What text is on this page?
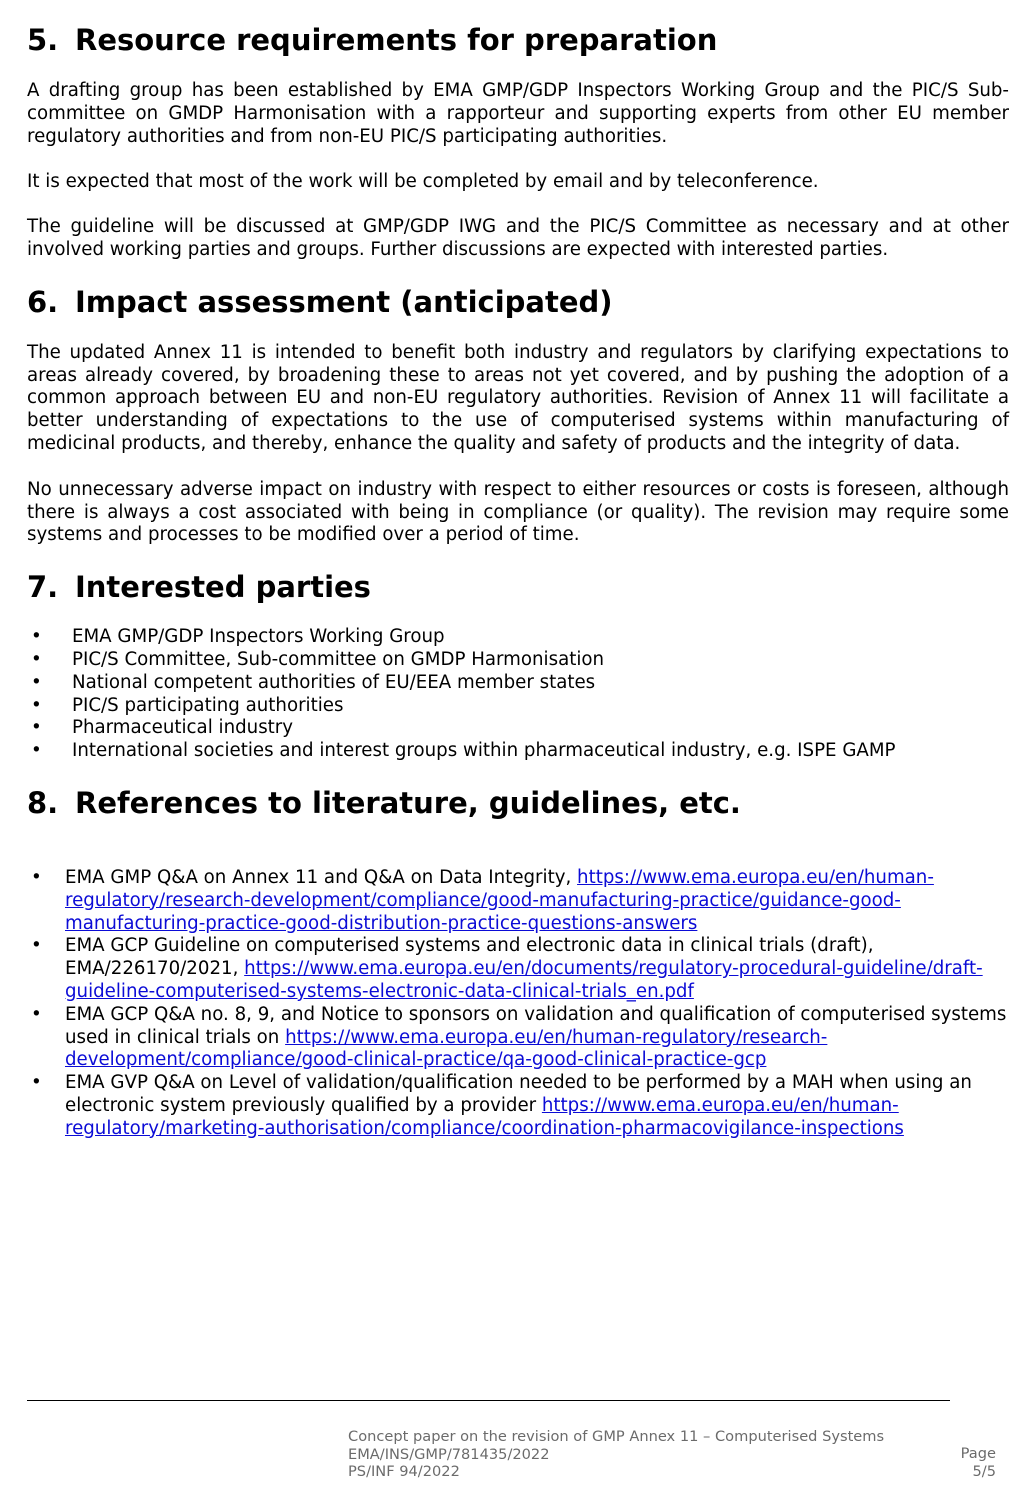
5. Resource requirements for preparation

A drafting group has been established by EMA GMP/GDP Inspectors Working Group and the PIC/S Sub-committee on GMDP Harmonisation with a rapporteur and supporting experts from other EU member regulatory authorities and from non-EU PIC/S participating authorities.

It is expected that most of the work will be completed by email and by teleconference.

The guideline will be discussed at GMP/GDP IWG and the PIC/S Committee as necessary and at other involved working parties and groups. Further discussions are expected with interested parties.

6. Impact assessment (anticipated)

The updated Annex 11 is intended to benefit both industry and regulators by clarifying expectations to areas already covered, by broadening these to areas not yet covered, and by pushing the adoption of a common approach between EU and non-EU regulatory authorities. Revision of Annex 11 will facilitate a better understanding of expectations to the use of computerised systems within manufacturing of medicinal products, and thereby, enhance the quality and safety of products and the integrity of data.

No unnecessary adverse impact on industry with respect to either resources or costs is foreseen, although there is always a cost associated with being in compliance (or quality). The revision may require some systems and processes to be modified over a period of time.

7. Interested parties
• EMA GMP/GDP Inspectors Working Group
• PIC/S Committee, Sub-committee on GMDP Harmonisation
• National competent authorities of EU/EEA member states
• PIC/S participating authorities
• Pharmaceutical industry
• International societies and interest groups within pharmaceutical industry, e.g. ISPE GAMP
8. References to literature, guidelines, etc.
• EMA GMP Q&A on Annex 11 and Q&A on Data Integrity, https://www.ema.europa.eu/en/human-regulatory/research-development/compliance/good-manufacturing-practice/guidance-good-manufacturing-practice-good-distribution-practice-questions-answers
• EMA GCP Guideline on computerised systems and electronic data in clinical trials (draft), EMA/226170/2021, https://www.ema.europa.eu/en/documents/regulatory-procedural-guideline/draft-guideline-computerised-systems-electronic-data-clinical-trials_en.pdf
• EMA GCP Q&A no. 8, 9, and Notice to sponsors on validation and qualification of computerised systems used in clinical trials on https://www.ema.europa.eu/en/human-regulatory/research-development/compliance/good-clinical-practice/qa-good-clinical-practice-gcp
• EMA GVP Q&A on Level of validation/qualification needed to be performed by a MAH when using an electronic system previously qualified by a provider https://www.ema.europa.eu/en/human-regulatory/marketing-authorisation/compliance/coordination-pharmacovigilance-inspections
Concept paper on the revision of GMP Annex 11 – Computerised Systems
EMA/INS/GMP/781435/2022
PS/INF 94/2022
Page
5/5
